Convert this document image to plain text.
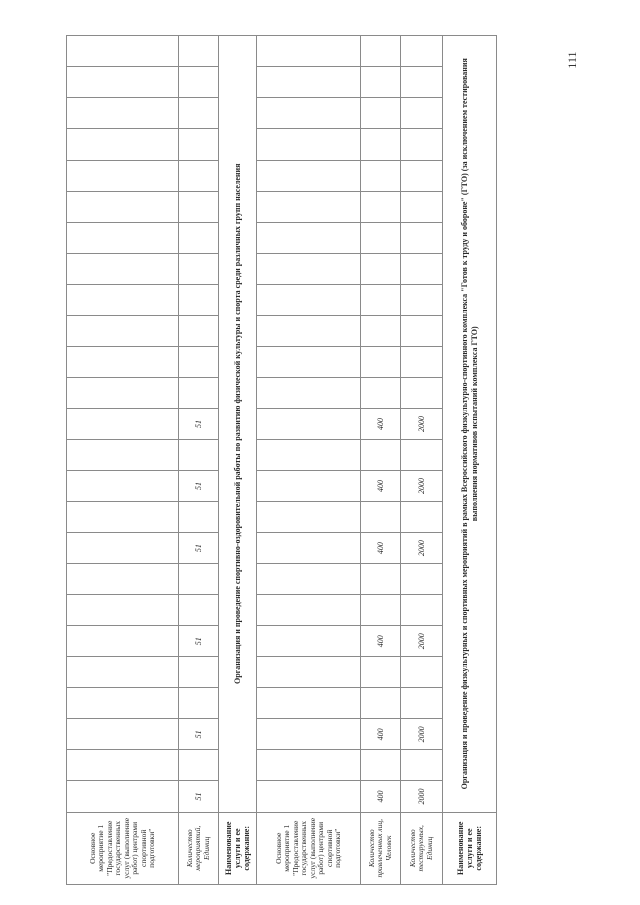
111
Основное мероприятие 1 "Предоставление государственных услуг (выполнение работ) центрами спортивной подготовки"																									
Количество мероприятий, Единиц	51		51			51			51		51		51												
Наименование услуги и ее содержание:	Организация и проведение спортивно-оздоровительной работы по развитию физической культуры и спорта среди различных групп населения																								
Основное мероприятие 1 "Предоставление государственных услуг (выполнение работ) центрами спортивной подготовки"																									
Количество привлеченных лиц, Человек	400		400			400			400		400		400												
Количество тестируемых, Единиц	2000		2000			2000			2000		2000		2000												
Наименование услуги и ее содержание:	Организация и проведение физкультурных и спортивных мероприятий в рамках Всероссийского физкультурно-спортивного комплекса "Готов к труду и обороне" (ГТО) (за исключением тестирования выполнения нормативов испытаний комплекса ГТО)																								
